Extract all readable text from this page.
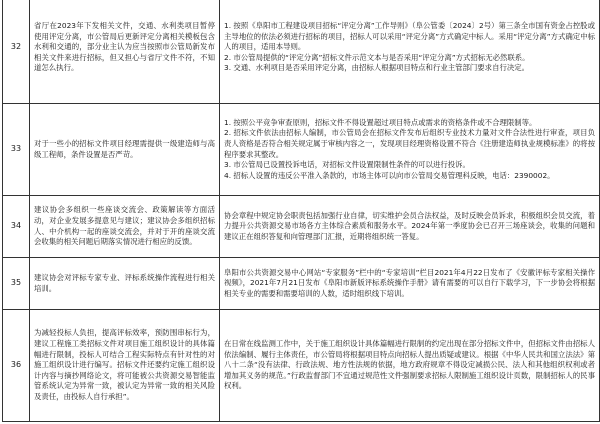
32	省厅在2023年下发相关文件，交通、水利类项目暂停使用评定分离，市公管局后更新评定分离相关模板包含水利和交通的，部分业主认为应当按照市公管局新发布相关文件来进行招标，但又担心与省厅文件不符，不知道怎么执行。	1. 按照《阜阳市工程建设项目招标“评定分离”工作导则》（阜公管委〔2024〕2号）第三条全市国有资金占控股或主导地位的依法必须进行招标的项目，招标人可以采用“评定分离”方式确定中标人。采用“评定分离”方式确定中标人的项目，适用本导则。

2. 市公管局提供的“评定分离”招标文件示范文本与是否采用“评定分离”方式招标无必然联系。

3. 交通、水利项目是否采用评定分离，由招标人根据项目特点和行业主管部门要求自行决定。

33	对于一些小的招标文件项目经理需提供一级建造师与高级工程师，条件设置是否严苛。	1. 按照公平竞争审查原则，招标文件不得设置超过项目特点或需求的资格条件或不合理限制等。

2. 招标文件依法由招标人编制，市公管局会在招标文件发布后组织专业技术力量对文件合法性进行审查，项目负责人资格是否符合相关规定属于审核内容之一，发现项目经理资格设置不符合《注册建造师执业规模标准》的将按程序要求其整改。

3. 市公管局已设置投诉电话，对招标文件设置限制性条件的可以进行投诉。

4. 招标人设置的违反公平准入条款的，市场主体可以向市公管局交易管理科反映，电话：2390002。

34	建议协会多组织一些座谈交流会、政策解读等方面活动，对企业发展多提意见与建议；建议协会多组织招标人、中介机构一起的座谈交流会，并对于开的座谈交流会收集的相关问题后期落实情况进行相应的反馈。	协会章程中规定协会职责包括加强行业自律，切实维护会员合法权益，及时反映会员诉求，积极组织会员交流，着力提升公共资源交易市场各方主体综合素质和服务水平。2024年第一季度协会已召开三场座谈会，收集的问题和建议正在组织答复和向管理部门汇报，近期将组织统一答复。

35	建议协会对评标专家专业、评标系统操作流程进行相关培训。	阜阳市公共资源交易中心网站“专家服务”栏中的“专家培训”栏目2021年4月22日发布了《安徽评标专家相关操作视频》，2021年7月21日发布《阜阳市新版评标系统操作手册》请有需要的可以自行下载学习，下一步协会将根据相关专业的需要和需要培训的人数，适时组织线下培训。

36	为减轻投标人负担，提高评标效率，预防围串标行为，建议工程施工类招标文件对项目施工组织设计的具体篇幅进行限制，投标人可结合工程实际特点有针对性的对施工组织设计进行编写。招标文件还要约定施工组织设计内容与摘抄网络论文，将可能被公共资源交易智能监管系统认定为异常一致，被认定为异常一致的相关风险及责任，由投标人自行承担”。	在日常在线监测工作中，关于施工组织设计具体篇幅进行限制的约定出现在部分招标文件中，但招标文件由招标人依法编制、履行主体责任，市公管局将根据项目特点向招标人提出质疑或建议。根据《中华人民共和国立法法》第八十二条“没有法律、行政法规、地方性法规的依据，地方政府规章不得设定减损公民、法人和其他组织权利或者增加其义务的规范。”行政监督部门不宜通过规范性文件强制要求招标人限制施工组织设计页数，限制招标人的民事权利。
